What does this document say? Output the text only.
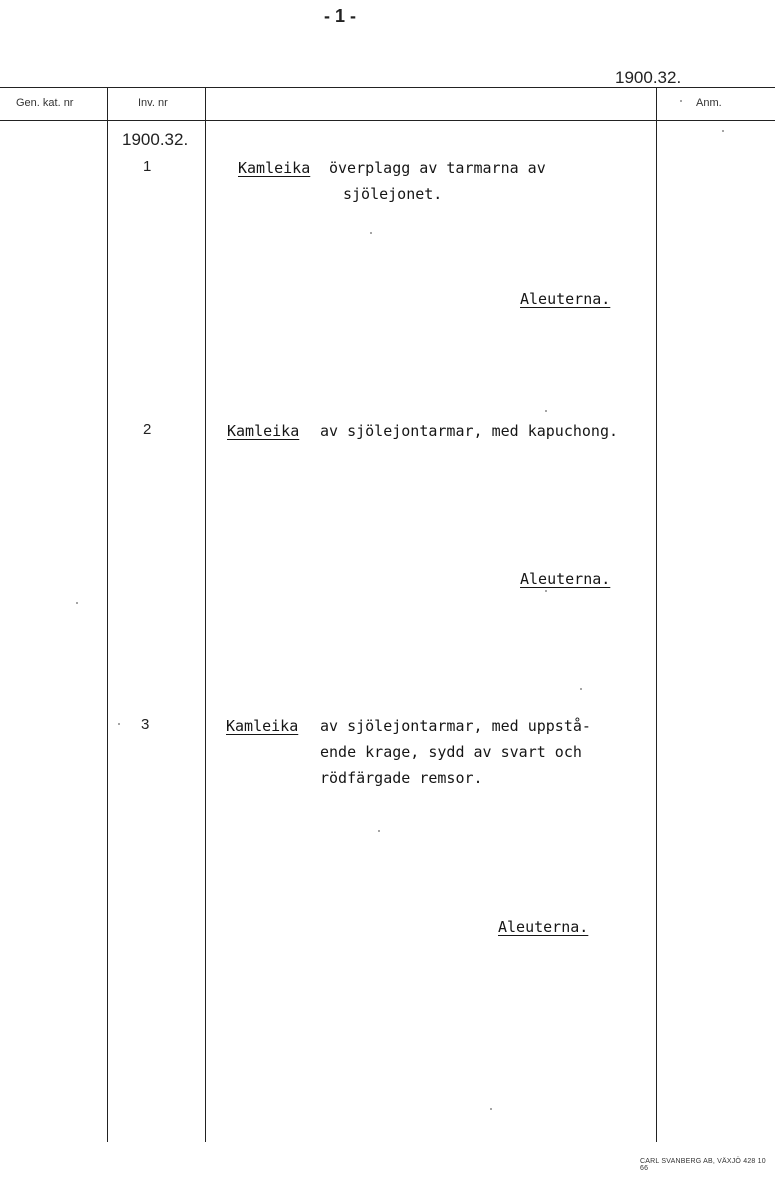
- 1 -
1900.32.
Gen. kat. nr	Inv. nr	Anm.
1900.32.
1	Kamleika överplagg av tarmarna av
sjölejonet.
Aleuterna.
2	Kamleika av sjölejontarmar, med kapuchong.
Aleuterna.
3	Kamleika av sjölejontarmar, med uppstå-
ende krage, sydd av svart och
rödfärgade remsor.
Aleuterna.
CARL SVANBERG AB, VÄXJÖ 428 10 66
